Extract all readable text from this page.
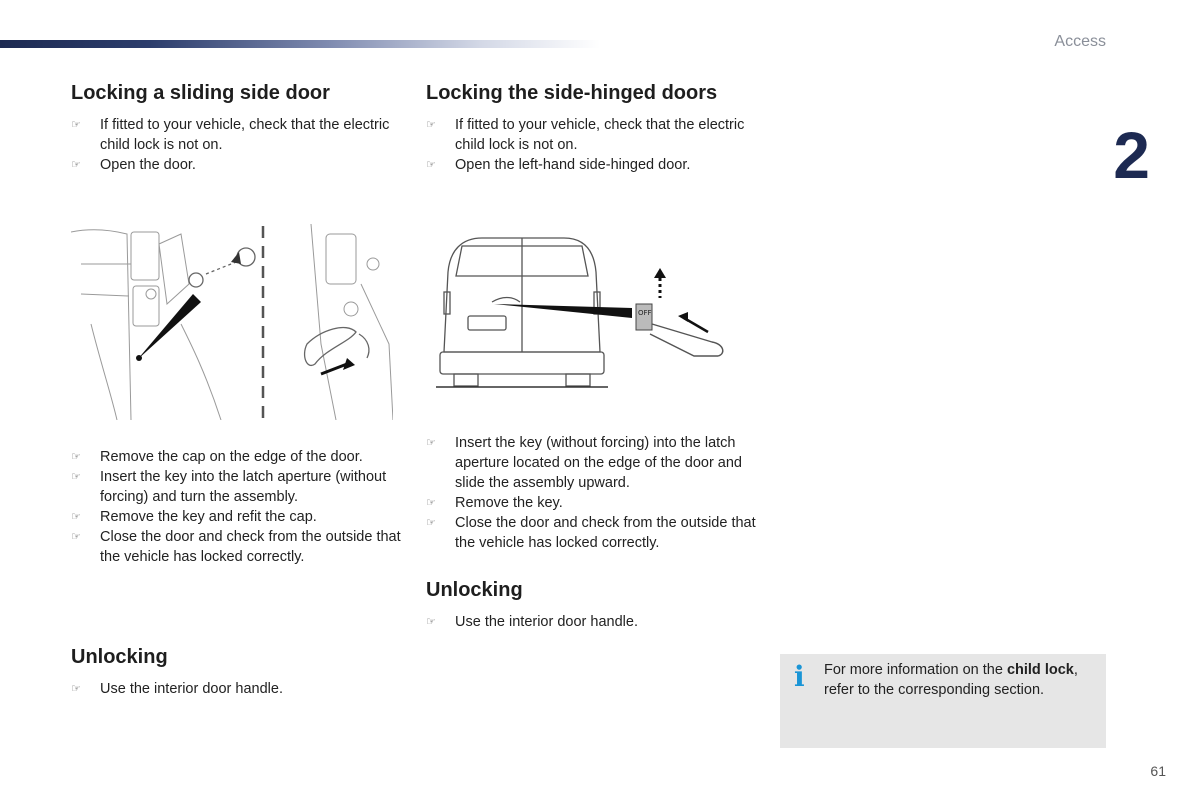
Access
2
Locking a sliding side door
☞ If fitted to your vehicle, check that the electric child lock is not on.
☞ Open the door.
☞ Remove the cap on the edge of the door.
☞ Insert the key into the latch aperture (without forcing) and turn the assembly.
☞ Remove the key and refit the cap.
☞ Close the door and check from the outside that the vehicle has locked correctly.
Unlocking
☞ Use the interior door handle.
Locking the side-hinged doors
☞ If fitted to your vehicle, check that the electric child lock is not on.
☞ Open the left-hand side-hinged door.
OFF
☞ Insert the key (without forcing) into the latch aperture located on the edge of the door and slide the assembly upward.
☞ Remove the key.
☞ Close the door and check from the outside that the vehicle has locked correctly.
Unlocking
☞ Use the interior door handle.
i For more information on the child lock, refer to the corresponding section.
61
